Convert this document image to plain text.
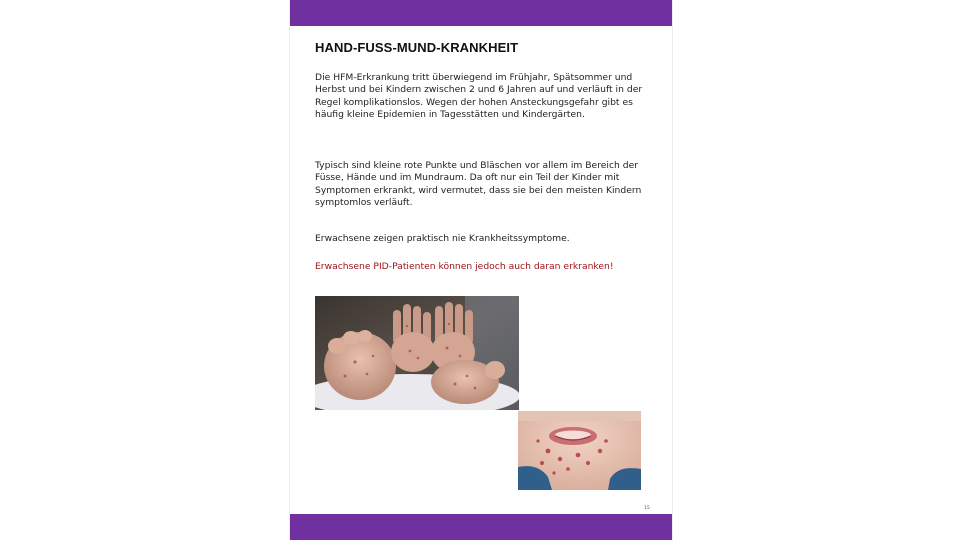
HAND-FUSS-MUND-KRANKHEIT
Die HFM-Erkrankung tritt überwiegend im Frühjahr, Spätsommer und Herbst und bei Kindern zwischen 2 und 6 Jahren auf und verläuft in der Regel komplikationslos. Wegen der hohen Ansteckungsgefahr gibt es häufig kleine Epidemien in Tagesstätten und Kindergärten.
Typisch sind kleine rote Punkte und Bläschen vor allem im Bereich der Füsse, Hände und im Mundraum. Da oft nur ein Teil der Kinder mit Symptomen erkrankt, wird vermutet, dass sie bei den meisten Kindern symptomlos verläuft.
Erwachsene zeigen praktisch nie Krankheitssymptome.
Erwachsene PID-Patienten können jedoch auch daran erkranken!
15
